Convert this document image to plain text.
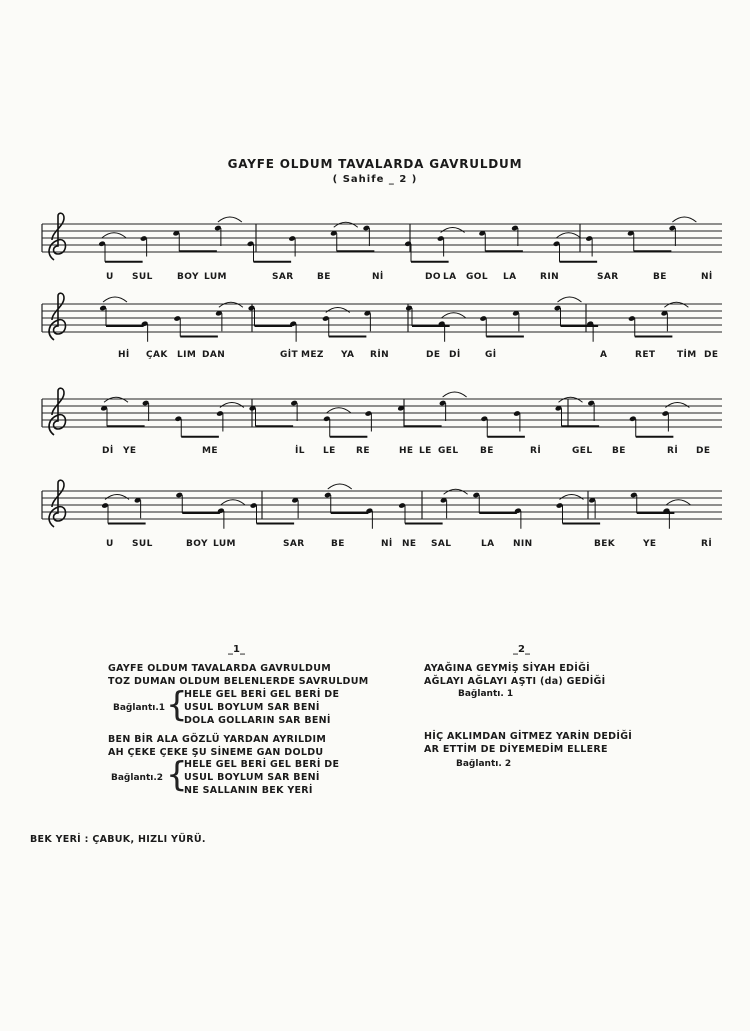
GAYFE OLDUM TAVALARDA GAVRULDUM
( Sahife _ 2 )
U SUL	BOY LUM	SAR	BE	Nİ	DO LA GOL LA	RIN	SAR	BE	Nİ
Hİ ÇAK LIM DAN	GİT MEZ YA RİN	DE Dİ	Gİ	A	RET TİM DE
Dİ YE	ME	İL LE RE	HE LE GEL BE	Rİ	GEL BE	Rİ DE
U SUL	BOY LUM	SAR	BE	Nİ NE SAL	LA NIN	BEK	YE	Rİ
_1_
GAYFE OLDUM TAVALARDA GAVRULDUM
TOZ DUMAN OLDUM BELENLERDE SAVRULDUM
Bağlantı.1 {
HELE GEL BERİ GEL BERİ DE
USUL BOYLUM SAR BENİ
DOLA GOLLARIN SAR BENİ
BEN BİR ALA GÖZLÜ YARDAN AYRILDIM
AH ÇEKE ÇEKE ŞU SİNEME GAN DOLDU
Bağlantı.2 {
HELE GEL BERİ GEL BERİ DE
USUL BOYLUM SAR BENİ
NE SALLANIN BEK YERİ
_2_
AYAĞINA GEYMİŞ SİYAH EDİĞİ
AĞLAYI AĞLAYI AŞTI (da) GEDİĞİ
Bağlantı. 1
HİÇ AKLIMDAN GİTMEZ YARİN DEDİĞİ
AR ETTİM DE DİYEMEDİM ELLERE
Bağlantı. 2
BEK YERİ : ÇABUK, HIZLI YÜRÜ.
